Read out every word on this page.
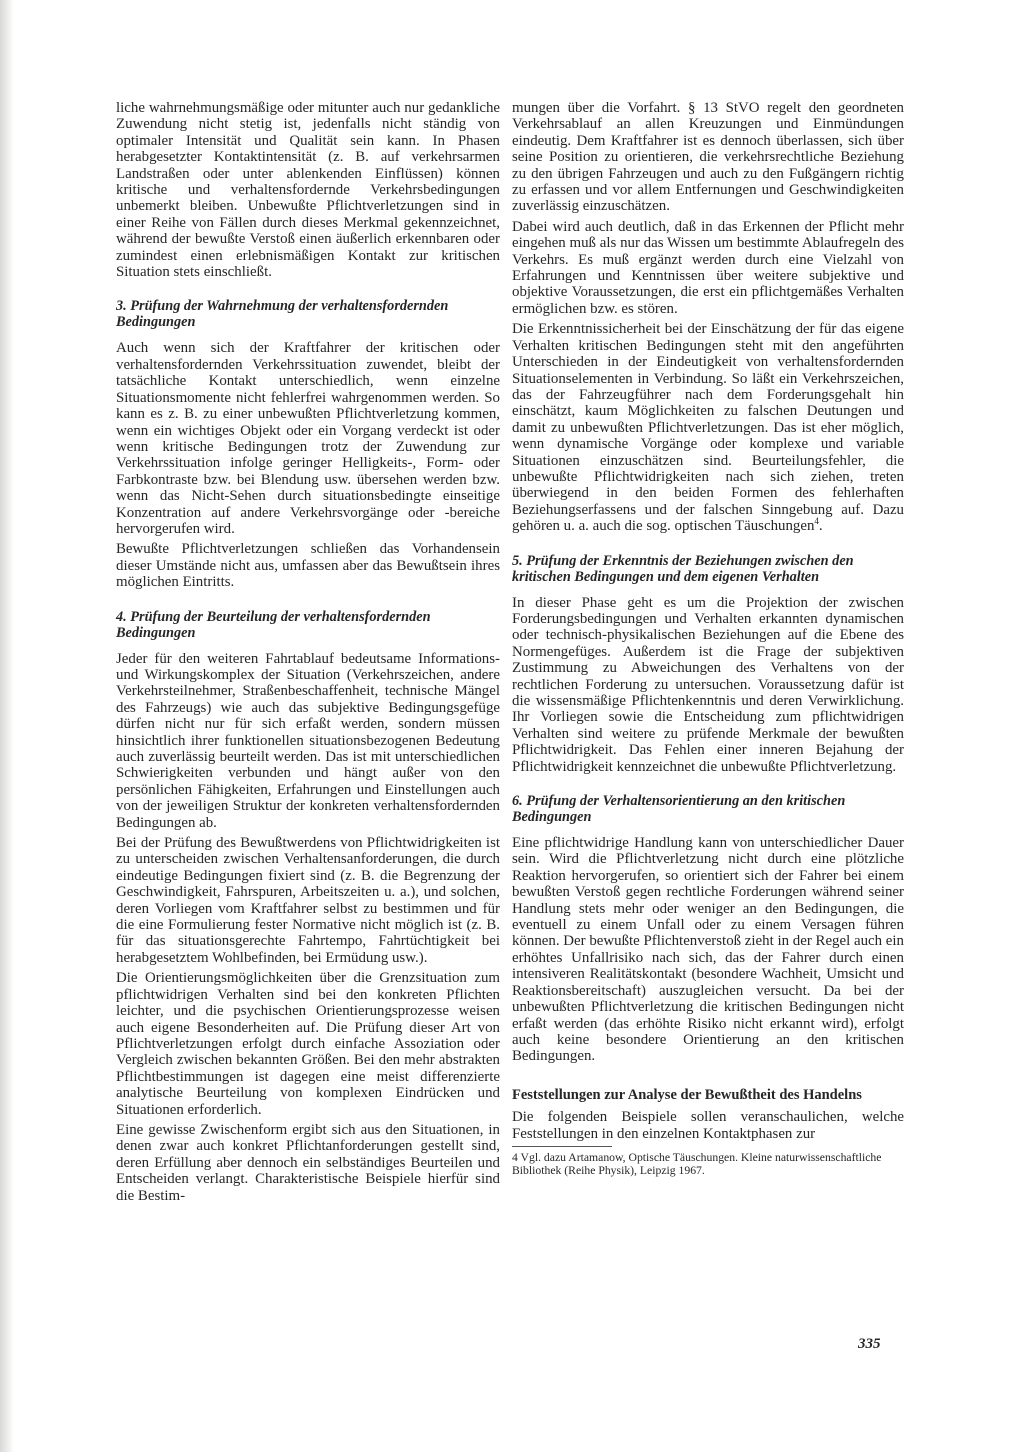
liche wahrnehmungsmäßige oder mitunter auch nur gedankliche Zuwendung nicht stetig ist, jedenfalls nicht ständig von optimaler Intensität und Qualität sein kann. In Phasen herabgesetzter Kontaktintensität (z. B. auf verkehrsarmen Landstraßen oder unter ablenkenden Einflüssen) können kritische und verhaltensfordernde Verkehrsbedingungen unbemerkt bleiben. Unbewußte Pflichtverletzungen sind in einer Reihe von Fällen durch dieses Merkmal gekennzeichnet, während der bewußte Verstoß einen äußerlich erkennbaren oder zumindest einen erlebnismäßigen Kontakt zur kritischen Situation stets einschließt.

3. Prüfung der Wahrnehmung der verhaltensfordernden Bedingungen

Auch wenn sich der Kraftfahrer der kritischen oder verhaltensfordernden Verkehrssituation zuwendet, bleibt der tatsächliche Kontakt unterschiedlich, wenn einzelne Situationsmomente nicht fehlerfrei wahrgenommen werden. So kann es z. B. zu einer unbewußten Pflichtverletzung kommen, wenn ein wichtiges Objekt oder ein Vorgang verdeckt ist oder wenn kritische Bedingungen trotz der Zuwendung zur Verkehrssituation infolge geringer Helligkeits-, Form- oder Farbkontraste bzw. bei Blendung usw. übersehen werden bzw. wenn das Nicht-Sehen durch situationsbedingte einseitige Konzentration auf andere Verkehrsvorgänge oder -bereiche hervorgerufen wird.

Bewußte Pflichtverletzungen schließen das Vorhandensein dieser Umstände nicht aus, umfassen aber das Bewußtsein ihres möglichen Eintritts.

4. Prüfung der Beurteilung der verhaltensfordernden Bedingungen

Jeder für den weiteren Fahrtablauf bedeutsame Informations- und Wirkungskomplex der Situation (Verkehrszeichen, andere Verkehrsteilnehmer, Straßenbeschaffenheit, technische Mängel des Fahrzeugs) wie auch das subjektive Bedingungsgefüge dürfen nicht nur für sich erfaßt werden, sondern müssen hinsichtlich ihrer funktionellen situationsbezogenen Bedeutung auch zuverlässig beurteilt werden. Das ist mit unterschiedlichen Schwierigkeiten verbunden und hängt außer von den persönlichen Fähigkeiten, Erfahrungen und Einstellungen auch von der jeweiligen Struktur der konkreten verhaltensfordernden Bedingungen ab.

Bei der Prüfung des Bewußtwerdens von Pflichtwidrigkeiten ist zu unterscheiden zwischen Verhaltensanforderungen, die durch eindeutige Bedingungen fixiert sind (z. B. die Begrenzung der Geschwindigkeit, Fahrspuren, Arbeitszeiten u. a.), und solchen, deren Vorliegen vom Kraftfahrer selbst zu bestimmen und für die eine Formulierung fester Normative nicht möglich ist (z. B. für das situationsgerechte Fahrtempo, Fahrtüchtigkeit bei herabgesetztem Wohlbefinden, bei Ermüdung usw.).

Die Orientierungsmöglichkeiten über die Grenzsituation zum pflichtwidrigen Verhalten sind bei den konkreten Pflichten leichter, und die psychischen Orientierungsprozesse weisen auch eigene Besonderheiten auf. Die Prüfung dieser Art von Pflichtverletzungen erfolgt durch einfache Assoziation oder Vergleich zwischen bekannten Größen. Bei den mehr abstrakten Pflichtbestimmungen ist dagegen eine meist differenzierte analytische Beurteilung von komplexen Eindrücken und Situationen erforderlich.

Eine gewisse Zwischenform ergibt sich aus den Situationen, in denen zwar auch konkret Pflichtanforderungen gestellt sind, deren Erfüllung aber dennoch ein selbständiges Beurteilen und Entscheiden verlangt. Charakteristische Beispiele hierfür sind die Bestim-

mungen über die Vorfahrt. § 13 StVO regelt den geordneten Verkehrsablauf an allen Kreuzungen und Einmündungen eindeutig. Dem Kraftfahrer ist es dennoch überlassen, sich über seine Position zu orientieren, die verkehrsrechtliche Beziehung zu den übrigen Fahrzeugen und auch zu den Fußgängern richtig zu erfassen und vor allem Entfernungen und Geschwindigkeiten zuverlässig einzuschätzen.

Dabei wird auch deutlich, daß in das Erkennen der Pflicht mehr eingehen muß als nur das Wissen um bestimmte Ablaufregeln des Verkehrs. Es muß ergänzt werden durch eine Vielzahl von Erfahrungen und Kenntnissen über weitere subjektive und objektive Voraussetzungen, die erst ein pflichtgemäßes Verhalten ermöglichen bzw. es stören.

Die Erkenntnissicherheit bei der Einschätzung der für das eigene Verhalten kritischen Bedingungen steht mit den angeführten Unterschieden in der Eindeutigkeit von verhaltensfordernden Situationselementen in Verbindung. So läßt ein Verkehrszeichen, das der Fahrzeugführer nach dem Forderungsgehalt hin einschätzt, kaum Möglichkeiten zu falschen Deutungen und damit zu unbewußten Pflichtverletzungen. Das ist eher möglich, wenn dynamische Vorgänge oder komplexe und variable Situationen einzuschätzen sind. Beurteilungsfehler, die unbewußte Pflichtwidrigkeiten nach sich ziehen, treten überwiegend in den beiden Formen des fehlerhaften Beziehungserfassens und der falschen Sinngebung auf. Dazu gehören u. a. auch die sog. optischen Täuschungen$^4$.

5. Prüfung der Erkenntnis der Beziehungen zwischen den kritischen Bedingungen und dem eigenen Verhalten

In dieser Phase geht es um die Projektion der zwischen Forderungsbedingungen und Verhalten erkannten dynamischen oder technisch-physikalischen Beziehungen auf die Ebene des Normengefüges. Außerdem ist die Frage der subjektiven Zustimmung zu Abweichungen des Verhaltens von der rechtlichen Forderung zu untersuchen. Voraussetzung dafür ist die wissensmäßige Pflichtenkenntnis und deren Verwirklichung. Ihr Vorliegen sowie die Entscheidung zum pflichtwidrigen Verhalten sind weitere zu prüfende Merkmale der bewußten Pflichtwidrigkeit. Das Fehlen einer inneren Bejahung der Pflichtwidrigkeit kennzeichnet die unbewußte Pflichtverletzung.

6. Prüfung der Verhaltensorientierung an den kritischen Bedingungen

Eine pflichtwidrige Handlung kann von unterschiedlicher Dauer sein. Wird die Pflichtverletzung nicht durch eine plötzliche Reaktion hervorgerufen, so orientiert sich der Fahrer bei einem bewußten Verstoß gegen rechtliche Forderungen während seiner Handlung stets mehr oder weniger an den Bedingungen, die eventuell zu einem Unfall oder zu einem Versagen führen können. Der bewußte Pflichtenverstoß zieht in der Regel auch ein erhöhtes Unfallrisiko nach sich, das der Fahrer durch einen intensiveren Realitätskontakt (besondere Wachheit, Umsicht und Reaktionsbereitschaft) auszugleichen versucht. Da bei der unbewußten Pflichtverletzung die kritischen Bedingungen nicht erfaßt werden (das erhöhte Risiko nicht erkannt wird), erfolgt auch keine besondere Orientierung an den kritischen Bedingungen.

Feststellungen zur Analyse der Bewußtheit des Handelns

Die folgenden Beispiele sollen veranschaulichen, welche Feststellungen in den einzelnen Kontaktphasen zur

4 Vgl. dazu Artamanow, Optische Täuschungen. Kleine naturwissenschaftliche Bibliothek (Reihe Physik), Leipzig 1967.

335
